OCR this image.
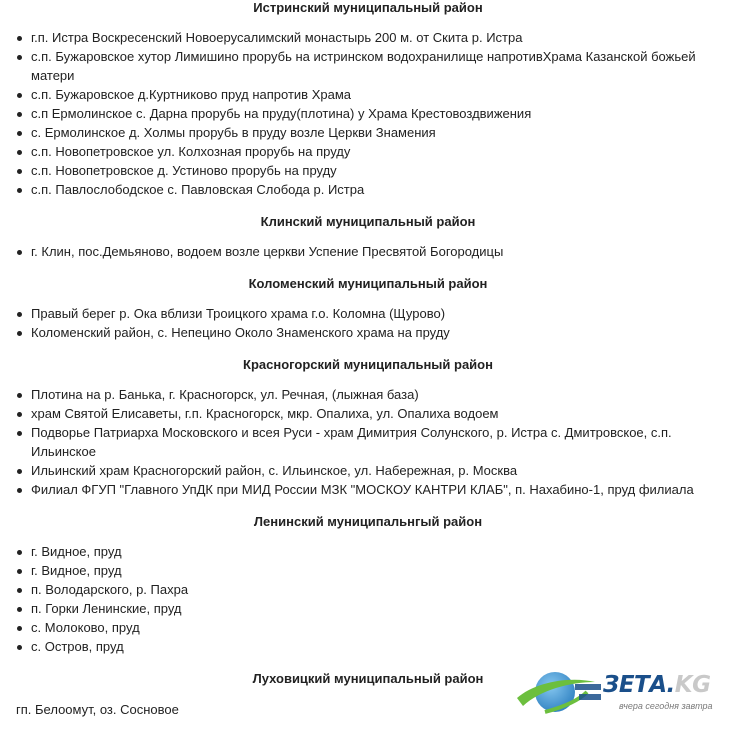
Истринский муниципальный район
г.п. Истра Воскресенский Новоерусалимский монастырь 200 м. от Скита р. Истра
с.п. Бужаровское хутор Лимишино прорубь на истринском водохранилище напротивХрама Казанской божьей матери
с.п. Бужаровское д.Куртниково пруд напротив Храма
с.п Ермолинское с. Дарна прорубь на пруду(плотина) у Храма Крестовоздвижения
с. Ермолинское д. Холмы прорубь в пруду возле Церкви Знамения
с.п. Новопетровское ул. Колхозная прорубь на пруду
с.п. Новопетровское д. Устиново прорубь на пруду
с.п. Павлослободское с. Павловская Слобода р. Истра
Клинский муниципальный район
г. Клин, пос.Демьяново, водоем возле церкви Успение Пресвятой Богородицы
Коломенский муниципальный район
Правый берег р. Ока вблизи Троицкого храма г.о. Коломна (Щурово)
Коломенский район, с. Непецино Около Знаменского храма на пруду
Красногорский муниципальный район
Плотина на р. Банька, г. Красногорск, ул. Речная, (лыжная база)
храм Святой Елисаветы, г.п. Красногорск, мкр. Опалиха, ул. Опалиха водоем
Подворье Патриарха Московского и всея Руси - храм Димитрия Солунского, р. Истра с. Дмитровское, с.п. Ильинское
Ильинский храм Красногорский район, с. Ильинское, ул. Набережная, р. Москва
Филиал ФГУП "Главного УпДК при МИД России МЗК "МОСКОУ КАНТРИ КЛАБ", п. Нахабино-1, пруд филиала
Ленинский муниципальнгый район
г. Видное, пруд
г. Видное, пруд
п. Володарского, р. Пахра
п. Горки Ленинские, пруд
с. Молоково, пруд
с. Остров, пруд
Луховицкий муниципальный район
гп. Белоомут, оз. Сосновое
ЗЕТА.KG
вчера сегодня завтра
